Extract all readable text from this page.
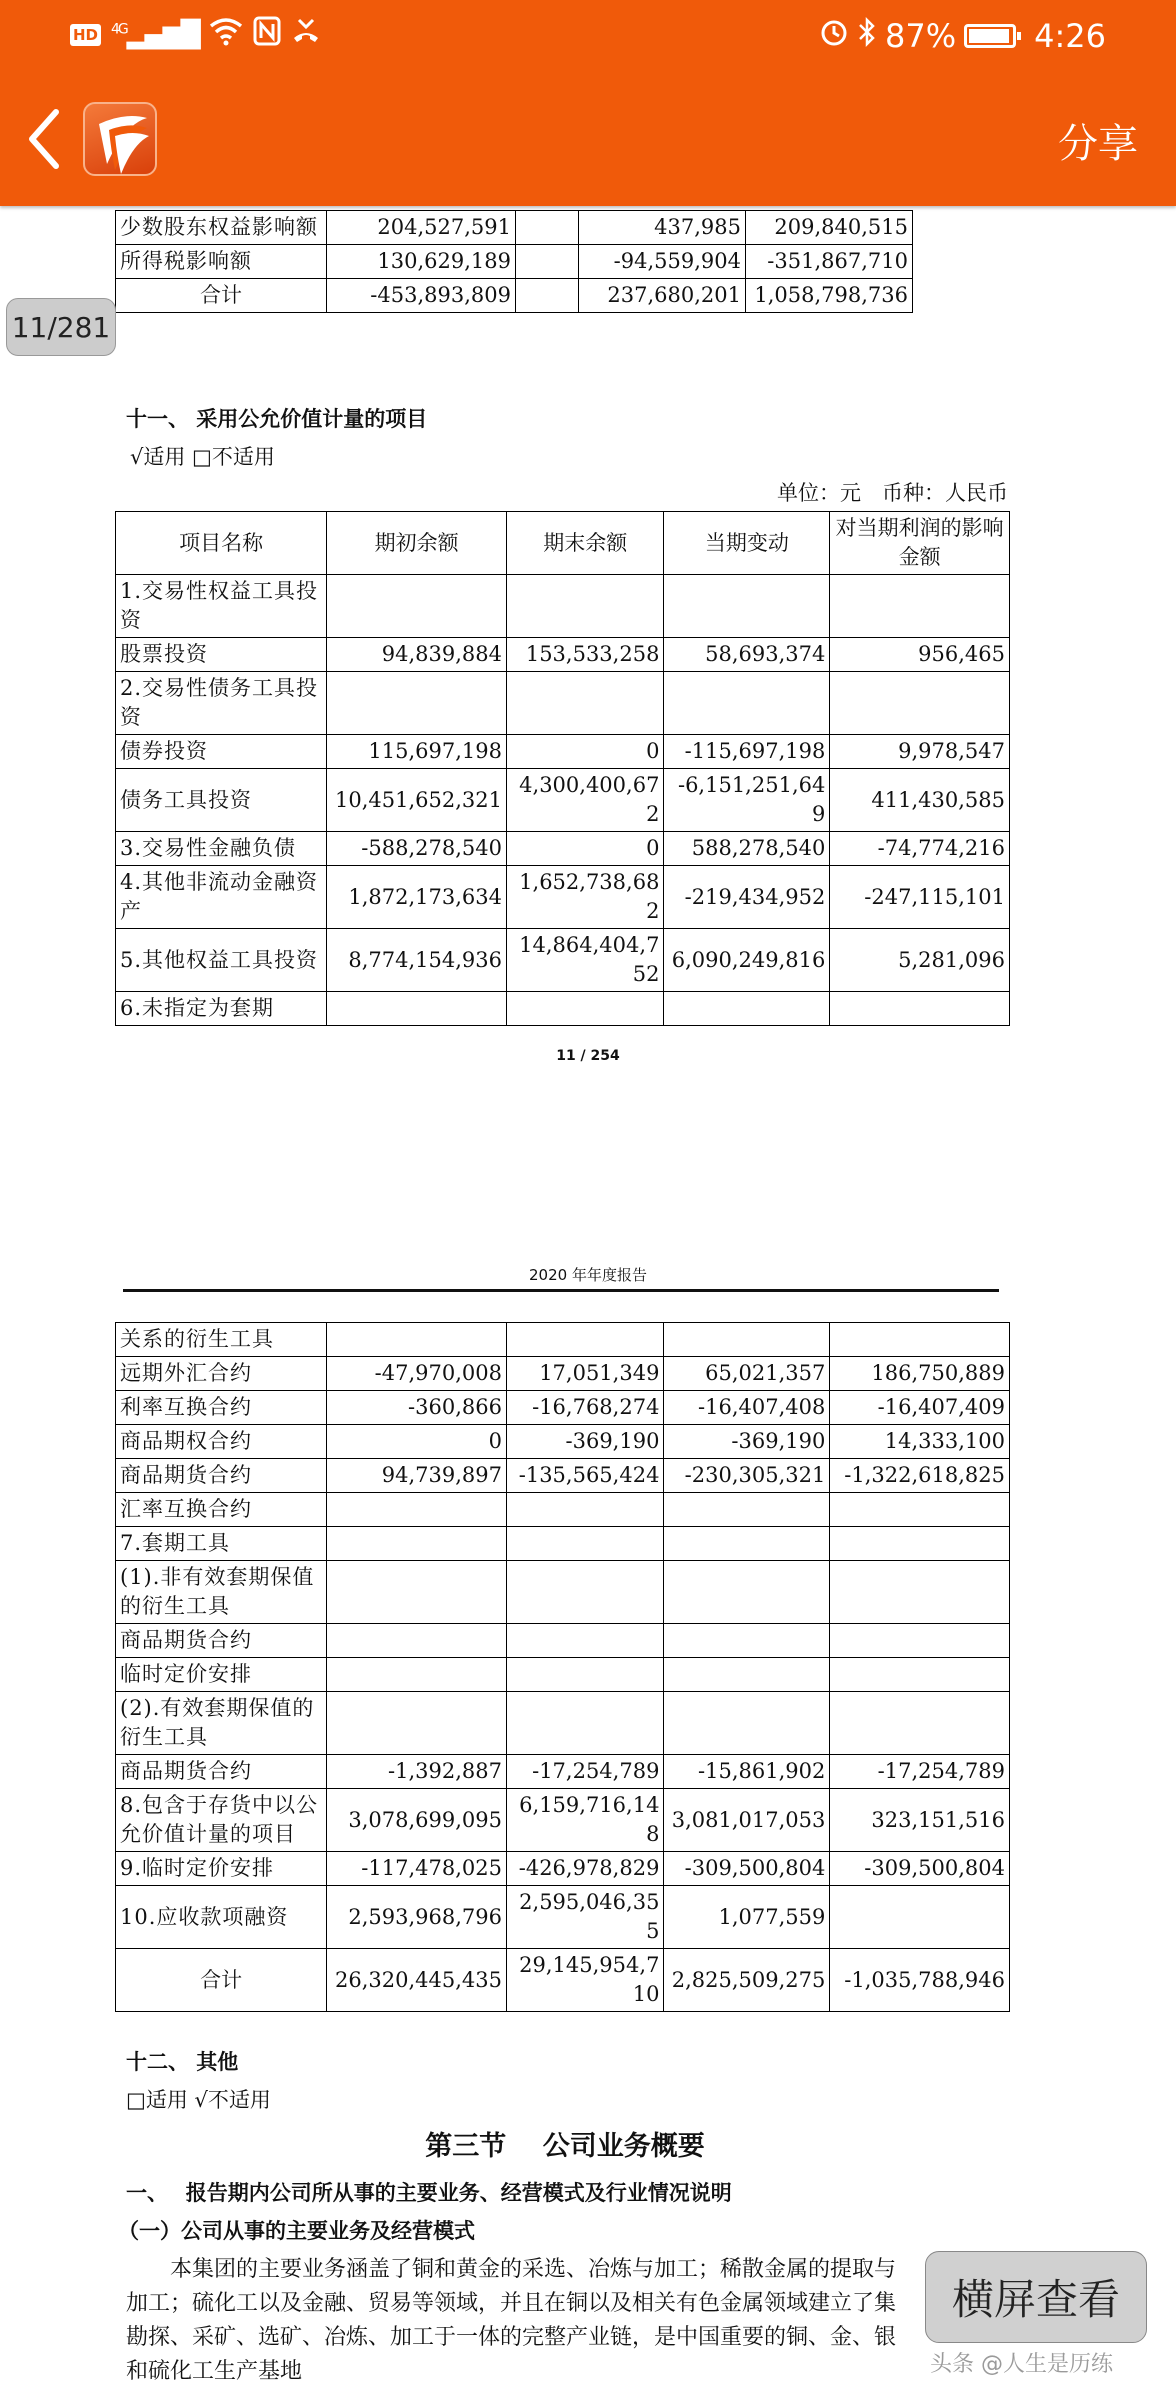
HD $^{4G}$▂▄▆█	87% 4:26
分享
11/281
少数股东权益影响额	204,527,591		437,985	209,840,515
所得税影响额	130,629,189		-94,559,904	-351,867,710
合计	-453,893,809		237,680,201	1,058,798,736
十一、 采用公允价值计量的项目
√适用 □不适用
单位：元　币种：人民币
项目名称	期初余额	期末余额	当期变动	对当期利润的影响金额
1.交易性权益工具投资				
股票投资	94,839,884	153,533,258	58,693,374	956,465
2.交易性债务工具投资				
债券投资	115,697,198	0	-115,697,198	9,978,547
债务工具投资	10,451,652,321	4,300,400,672	-6,151,251,649	411,430,585
3.交易性金融负债	-588,278,540	0	588,278,540	-74,774,216
4.其他非流动金融资产	1,872,173,634	1,652,738,682	-219,434,952	-247,115,101
5.其他权益工具投资	8,774,154,936	14,864,404,752	6,090,249,816	5,281,096
6.未指定为套期				
11 / 254
2020 年年度报告
关系的衍生工具				
远期外汇合约	-47,970,008	17,051,349	65,021,357	186,750,889
利率互换合约	-360,866	-16,768,274	-16,407,408	-16,407,409
商品期权合约	0	-369,190	-369,190	14,333,100
商品期货合约	94,739,897	-135,565,424	-230,305,321	-1,322,618,825
汇率互换合约				
7.套期工具				
(1).非有效套期保值的衍生工具				
商品期货合约				
临时定价安排				
(2).有效套期保值的衍生工具				
商品期货合约	-1,392,887	-17,254,789	-15,861,902	-17,254,789
8.包含于存货中以公允价值计量的项目	3,078,699,095	6,159,716,148	3,081,017,053	323,151,516
9.临时定价安排	-117,478,025	-426,978,829	-309,500,804	-309,500,804
10.应收款项融资	2,593,968,796	2,595,046,355	1,077,559	
合计	26,320,445,435	29,145,954,710	2,825,509,275	-1,035,788,946
十二、 其他
□适用 √不适用
第三节　 公司业务概要
一、　 报告期内公司所从事的主要业务、经营模式及行业情况说明
（一）公司从事的主要业务及经营模式
本集团的主要业务涵盖了铜和黄金的采选、冶炼与加工；稀散金属的提取与加工；硫化工以及金融、贸易等领域，并且在铜以及相关有色金属领域建立了集勘探、采矿、选矿、冶炼、加工于一体的完整产业链，是中国重要的铜、金、银和硫化工生产基地
横屏查看
头条 @人生是历练
